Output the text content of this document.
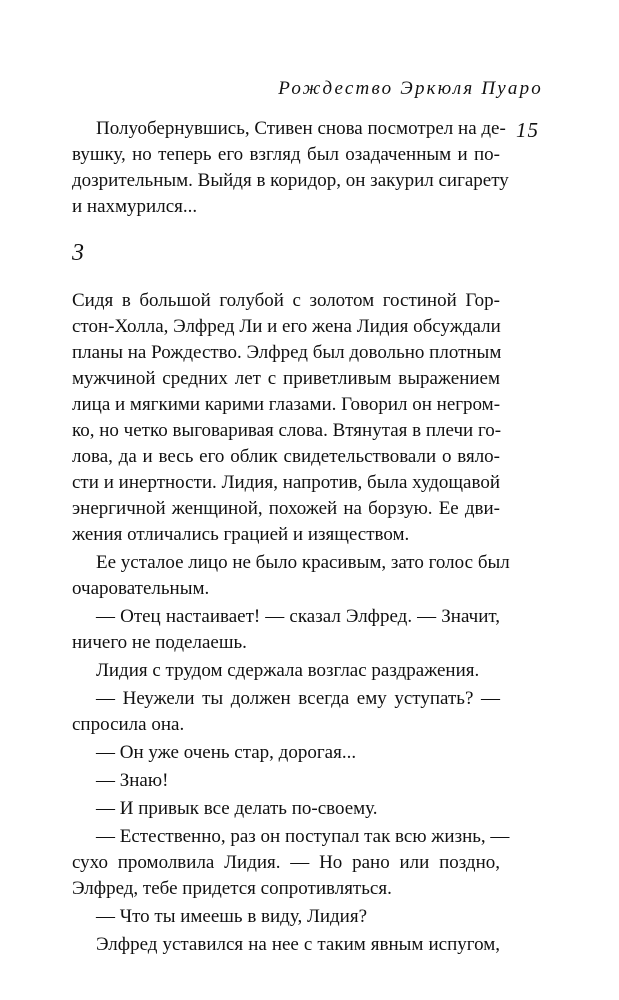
Рождество Эркюля Пуаро
15
Полуобернувшись, Стивен снова посмотрел на де-
вушку, но теперь его взгляд был озадаченным и по-
дозрительным. Выйдя в коридор, он закурил сигарету
и нахмурился...
3
Сидя в большой голубой с золотом гостиной Гор-
стон-Холла, Элфред Ли и его жена Лидия обсуждали
планы на Рождество. Элфред был довольно плотным
мужчиной средних лет с приветливым выражением
лица и мягкими карими глазами. Говорил он негром-
ко, но четко выговаривая слова. Втянутая в плечи го-
лова, да и весь его облик свидетельствовали о вяло-
сти и инертности. Лидия, напротив, была худощавой
энергичной женщиной, похожей на борзую. Ее дви-
жения отличались грацией и изяществом.
Ее усталое лицо не было красивым, зато голос был
очаровательным.
— Отец настаивает! — сказал Элфред. — Значит,
ничего не поделаешь.
Лидия с трудом сдержала возглас раздражения.
— Неужели ты должен всегда ему уступать? —
спросила она.
— Он уже очень стар, дорогая...
— Знаю!
— И привык все делать по-своему.
— Естественно, раз он поступал так всю жизнь, —
сухо промолвила Лидия. — Но рано или поздно,
Элфред, тебе придется сопротивляться.
— Что ты имеешь в виду, Лидия?
Элфред уставился на нее с таким явным испугом,
